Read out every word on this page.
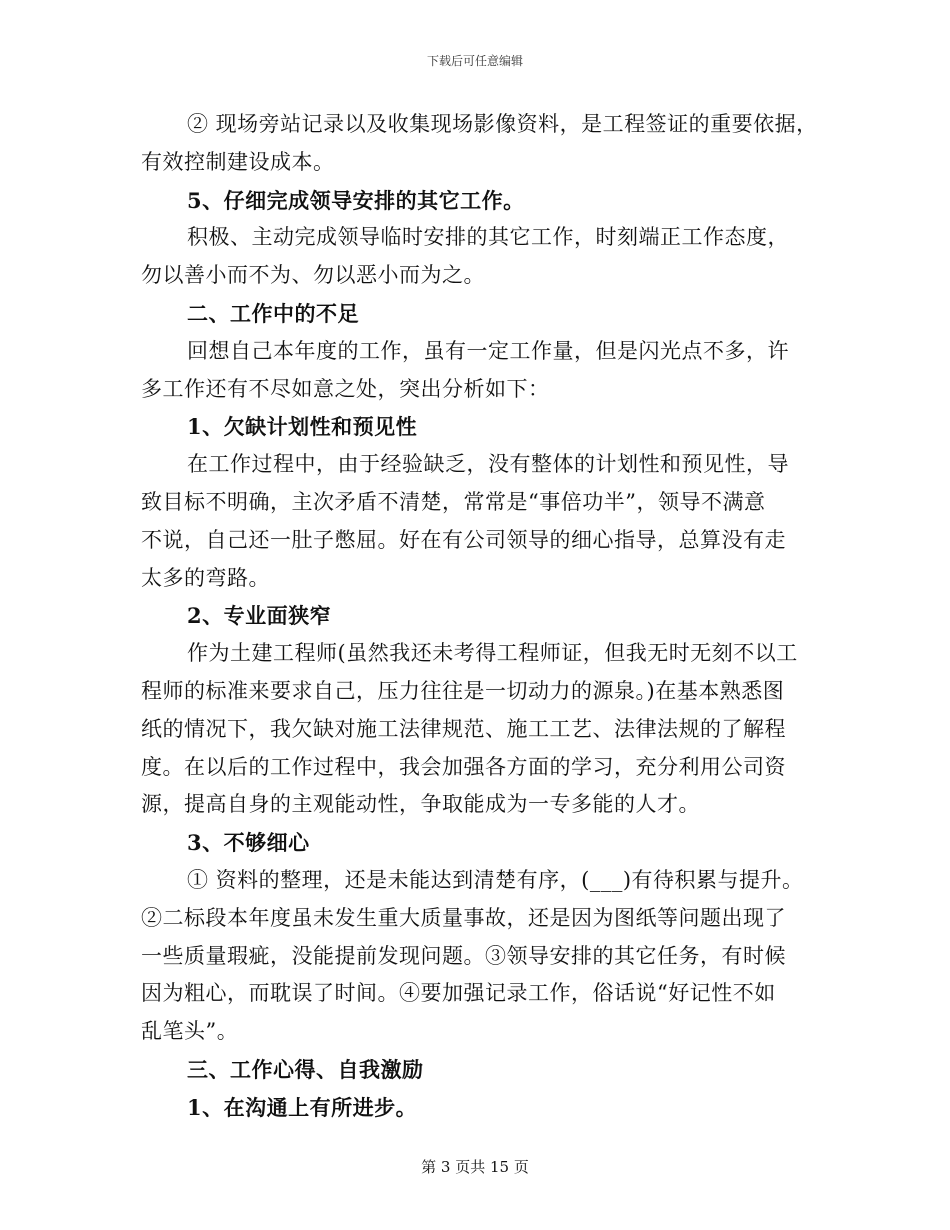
下载后可任意编辑
② 现场旁站记录以及收集现场影像资料，是工程签证的重要依据，
有效控制建设成本。
5、仔细完成领导安排的其它工作。
积极、主动完成领导临时安排的其它工作，时刻端正工作态度，
勿以善小而不为、勿以恶小而为之。
二、工作中的不足
回想自己本年度的工作，虽有一定工作量，但是闪光点不多，许
多工作还有不尽如意之处，突出分析如下：
1、欠缺计划性和预见性
在工作过程中，由于经验缺乏，没有整体的计划性和预见性，导
致目标不明确，主次矛盾不清楚，常常是“事倍功半”，领导不满意
不说，自己还一肚子憋屈。好在有公司领导的细心指导，总算没有走
太多的弯路。
2、专业面狭窄
作为土建工程师(虽然我还未考得工程师证，但我无时无刻不以工
程师的标准来要求自己，压力往往是一切动力的源泉。)在基本熟悉图
纸的情况下，我欠缺对施工法律规范、施工工艺、法律法规的了解程
度。在以后的工作过程中，我会加强各方面的学习，充分利用公司资
源，提高自身的主观能动性，争取能成为一专多能的人才。
3、不够细心
① 资料的整理，还是未能达到清楚有序，(___)有待积累与提升。
②二标段本年度虽未发生重大质量事故，还是因为图纸等问题出现了
一些质量瑕疵，没能提前发现问题。③领导安排的其它任务，有时候
因为粗心，而耽误了时间。④要加强记录工作，俗话说“好记性不如
乱笔头”。
三、工作心得、自我激励
1、在沟通上有所进步。
第 3 页共 15 页
